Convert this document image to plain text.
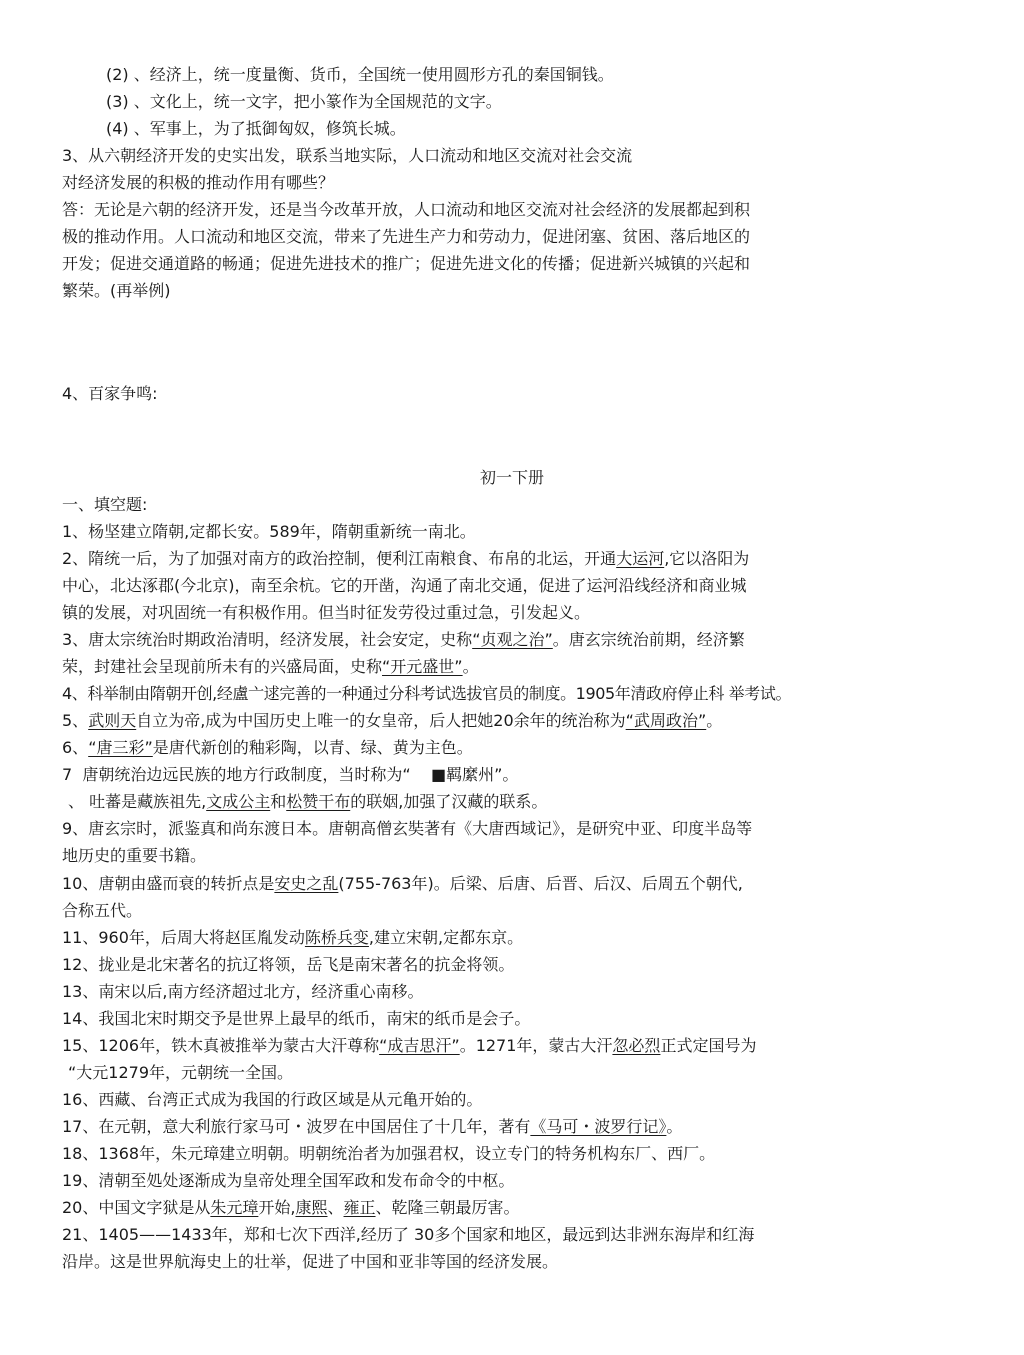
(2) 、经济上，统一度量衡、货币，全国统一使用圆形方孔的秦国铜钱。
(3) 、文化上，统一文字，把小篆作为全国规范的文字。
(4) 、军事上，为了抵御匈奴，修筑长城。
3、从六朝经济开发的史实出发，联系当地实际，人口流动和地区交流对社会交流
对经济发展的积极的推动作用有哪些？
答：无论是六朝的经济开发，还是当今改革开放，人口流动和地区交流对社会经济的发展都起到积
极的推动作用。人口流动和地区交流，带来了先进生产力和劳动力，促进闭塞、贫困、落后地区的
开发；促进交通道路的畅通；促进先进技术的推广；促进先进文化的传播；促进新兴城镇的兴起和
繁荣。(再举例)
4、百家争鸣:
初一下册
一、填空题:
1、杨坚建立隋朝,定都长安。589年，隋朝重新统一南北。
2、隋统一后，为了加强对南方的政治控制，便利江南粮食、布帛的北运，开通大运河,它以洛阳为
中心，北达涿郡(今北京)，南至余杭。它的开凿，沟通了南北交通，促进了运河沿线经济和商业城
镇的发展，对巩固统一有积极作用。但当时征发劳役过重过急，引发起义。
3、唐太宗统治时期政治清明，经济发展，社会安定，史称“贞观之治”。唐玄宗统治前期，经济繁
荣，封建社会呈现前所未有的兴盛局面，史称“开元盛世”。
4、科举制由隋朝开创,经盧亠逑完善的一种通过分科考试选拔官员的制度。1905年清政府停止科 举考试。
5、武则天自立为帝,成为中国历史上唯一的女皇帝，后人把她20余年的统治称为“武周政治”。
6、“唐三彩”是唐代新创的釉彩陶，以青、绿、黄为主色。
7  唐朝统治边远民族的地方行政制度，当时称为“    ■羁縻州”。
、 吐蕃是藏族祖先,文成公主和松赞干布的联姻,加强了汉藏的联系。
9、唐玄宗时，派鉴真和尚东渡日本。唐朝高僧玄奘著有《大唐西域记》，是研究中亚、印度半岛等
地历史的重要书籍。
10、唐朝由盛而衰的转折点是安史之乱(755-763年)。后梁、后唐、后晋、后汉、后周五个朝代,
合称五代。
11、960年，后周大将赵匡胤发动陈桥兵变,建立宋朝,定都东京。
12、拢业是北宋著名的抗辽将领，岳飞是南宋著名的抗金将领。
13、南宋以后,南方经济超过北方，经济重心南移。
14、我国北宋时期交予是世界上最早的纸币，南宋的纸币是会子。
15、1206年，铁木真被推举为蒙古大汗尊称“成吉思汗”。1271年，蒙古大汗忽必烈正式定国号为
“大元1279年，元朝统一全国。
16、西藏、台湾正式成为我国的行政区域是从元亀开始的。
17、在元朝，意大利旅行家马可・波罗在中国居住了十几年，著有《马可・波罗行记》。
18、1368年，朱元璋建立明朝。明朝统治者为加强君权，设立专门的特务机构东厂、西厂。
19、清朝至処处逐渐成为皇帝处理全国军政和发布命令的中枢。
20、中国文字狱是从朱元璋开始,康熙、雍正、乾隆三朝最厉害。
21、1405——1433年，郑和七次下西洋,经历了 30多个国家和地区，最远到达非洲东海岸和红海
沿岸。这是世界航海史上的壮举，促进了中国和亚非等国的经济发展。
